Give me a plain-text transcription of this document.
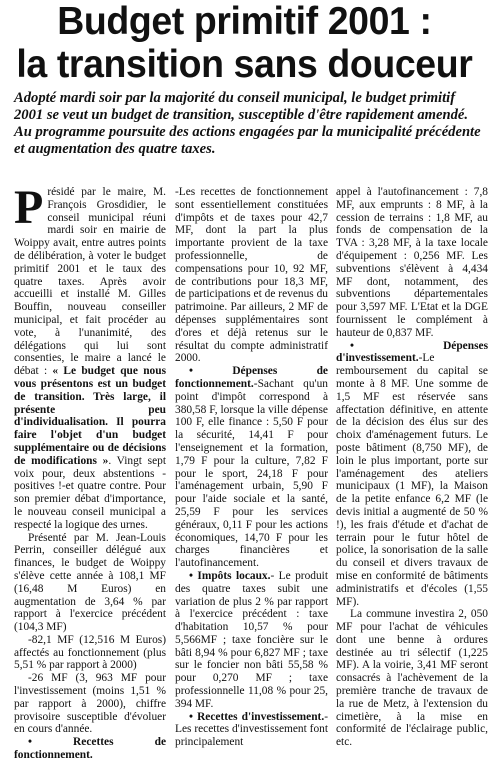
Budget primitif 2001 :
la transition sans douceur

Adopté mardi soir par la majorité du conseil municipal, le budget primitif 2001 se veut un budget de transition, susceptible d'être rapidement amendé. Au programme poursuite des actions engagées par la municipalité précédente et augmentation des quatre taxes.

Présidé par le maire, M. François Grosdidier, le conseil municipal réuni mardi soir en mairie de Woippy avait, entre autres points de délibération, à voter le budget primitif 2001 et le taux des quatre taxes. Après avoir accueilli et installé M. Gilles Bouffin, nouveau conseiller municipal, et fait procéder au vote, à l'unanimité, des délégations qui lui sont consenties, le maire a lancé le débat : « Le budget que nous vous présentons est un budget de transition. Très large, il présente peu d'individualisation. Il pourra faire l'objet d'un budget supplémentaire ou de décisions de modifications ». Vingt sept voix pour, deux abstentions -positives !-et quatre contre. Pour son premier débat d'importance, le nouveau conseil municipal a respecté la logique des urnes.

Présenté par M. Jean-Louis Perrin, conseiller délégué aux finances, le budget de Woippy s'élève cette année à 108,1 MF (16,48 M Euros) en augmentation de 3,64 % par rapport à l'exercice précédent (104,3 MF)

-82,1 MF (12,516 M Euros) affectés au fonctionnement (plus 5,51 % par rapport à 2000)

-26 MF (3, 963 MF pour l'investissement (moins 1,51 % par rapport à 2000), chiffre provisoire susceptible d'évoluer en cours d'année.

• Recettes de fonctionnement.

-Les recettes de fonctionnement sont essentiellement constituées d'impôts et de taxes pour 42,7 MF, dont la part la plus importante provient de la taxe professionnelle, de compensations pour 10, 92 MF, de contributions pour 18,3 MF, de participations et de revenus du patrimoine. Par ailleurs, 2 MF de dépenses supplémentaires sont d'ores et déjà retenus sur le résultat du compte administratif 2000.

• Dépenses de fonctionnement.-Sachant qu'un point d'impôt correspond à 380,58 F, lorsque la ville dépense 100 F, elle finance : 5,50 F pour la sécurité, 14,41 F pour l'enseignement et la formation, 1,79 F pour la culture, 7,82 F pour le sport, 24,18 F pour l'aménagement urbain, 5,90 F pour l'aide sociale et la santé, 25,59 F pour les services généraux, 0,11 F pour les actions économiques, 14,70 F pour les charges financières et l'autofinancement.

• Impôts locaux.- Le produit des quatre taxes subit une variation de plus 2 % par rapport à l'exercice précédent : taxe d'habitation 10,57 % pour 5,566MF ; taxe foncière sur le bâti 8,94 % pour 6,827 MF ; taxe sur le foncier non bâti 55,58 % pour 0,270 MF ; taxe professionnelle 11,08 % pour 25, 394 MF.

• Recettes d'investissement.-Les recettes d'investissement font principalement

appel à l'autofinancement : 7,8 MF, aux emprunts : 8 MF, à la cession de terrains : 1,8 MF, au fonds de compensation de la TVA : 3,28 MF, à la taxe locale d'équipement : 0,256 MF. Les subventions s'élèvent à 4,434 MF dont, notamment, des subventions départementales pour 3,597 MF. L'Etat et la DGE fournissent le complément à hauteur de 0,837 MF.

• Dépenses d'investissement.-Le remboursement du capital se monte à 8 MF. Une somme de 1,5 MF est réservée sans affectation définitive, en attente de la décision des élus sur des choix d'aménagement futurs. Le poste bâtiment (8,750 MF), de loin le plus important, porte sur l'aménagement des ateliers municipaux (1 MF), la Maison de la petite enfance 6,2 MF (le devis initial a augmenté de 50 % !), les frais d'étude et d'achat de terrain pour le futur hôtel de police, la sonorisation de la salle du conseil et divers travaux de mise en conformité de bâtiments administratifs et d'écoles (1,55 MF).

La commune investira 2, 050 MF pour l'achat de véhicules dont une benne à ordures destinée au tri sélectif (1,225 MF). A la voirie, 3,41 MF seront consacrés à l'achèvement de la première tranche de travaux de la rue de Metz, à l'extension du cimetière, à la mise en conformité de l'éclairage public, etc.
